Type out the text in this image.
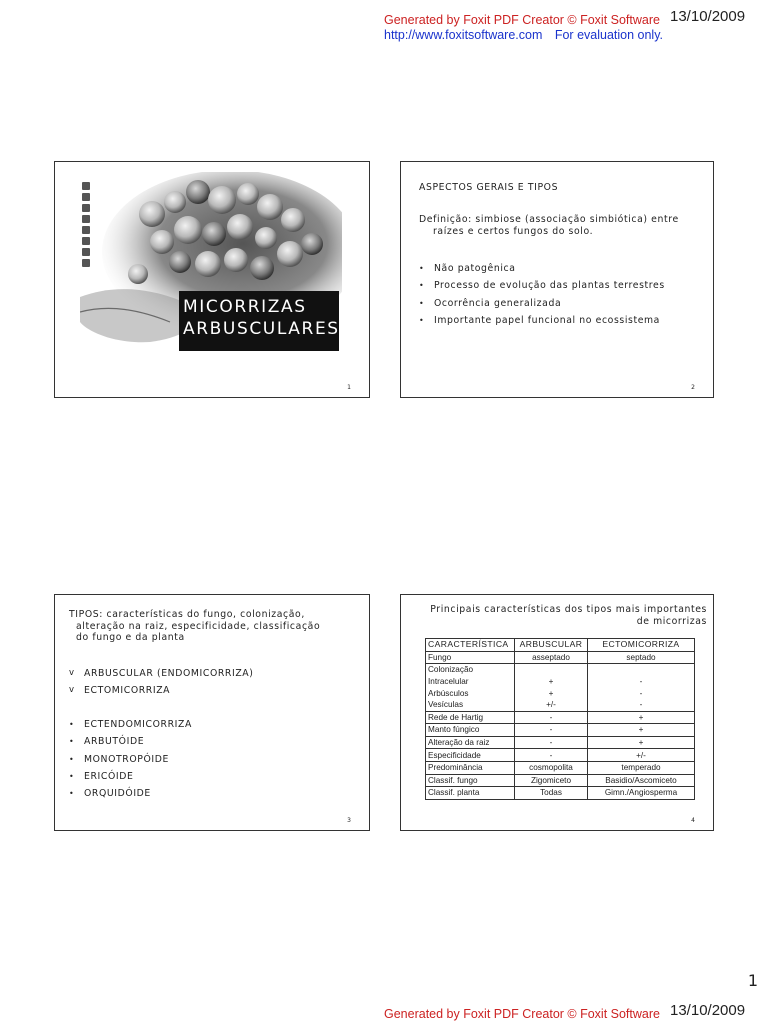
Generated by Foxit PDF Creator © Foxit Software
http://www.foxitsoftware.com For evaluation only.
13/10/2009
MICORRIZAS
ARBUSCULARES
1
ASPECTOS GERAIS E TIPOS
Definição: simbiose (associação simbiótica) entre
raízes e certos fungos do solo.
• Não patogênica
• Processo de evolução das plantas terrestres
• Ocorrência generalizada
• Importante papel funcional no ecossistema
2
TIPOS: características do fungo, colonização,
alteração na raiz, especificidade, classificação
do fungo e da planta
v ARBUSCULAR (ENDOMICORRIZA)
v ECTOMICORRIZA
• ECTENDOMICORRIZA
• ARBUTÓIDE
• MONOTROPÓIDE
• ERICÓIDE
• ORQUIDÓIDE
3
Principais características dos tipos mais importantes
de micorrizas
CARACTERÍSTICA	ARBUSCULAR	ECTOMICORRIZA
Fungo	asseptado	septado
Colonização		
Intracelular	+	-
Arbúsculos	+	-
Vesículas	+/-	-
Rede de Hartig	-	+
Manto fúngico	-	+
Alteração da raiz	-	+
Especificidade	-	+/-
Predominância	cosmopolita	temperado
Classif. fungo	Zigomiceto	Basidio/Ascomiceto
Classif. planta	Todas	Gimn./Angiosperma
4
1
Generated by Foxit PDF Creator © Foxit Software 13/10/2009
